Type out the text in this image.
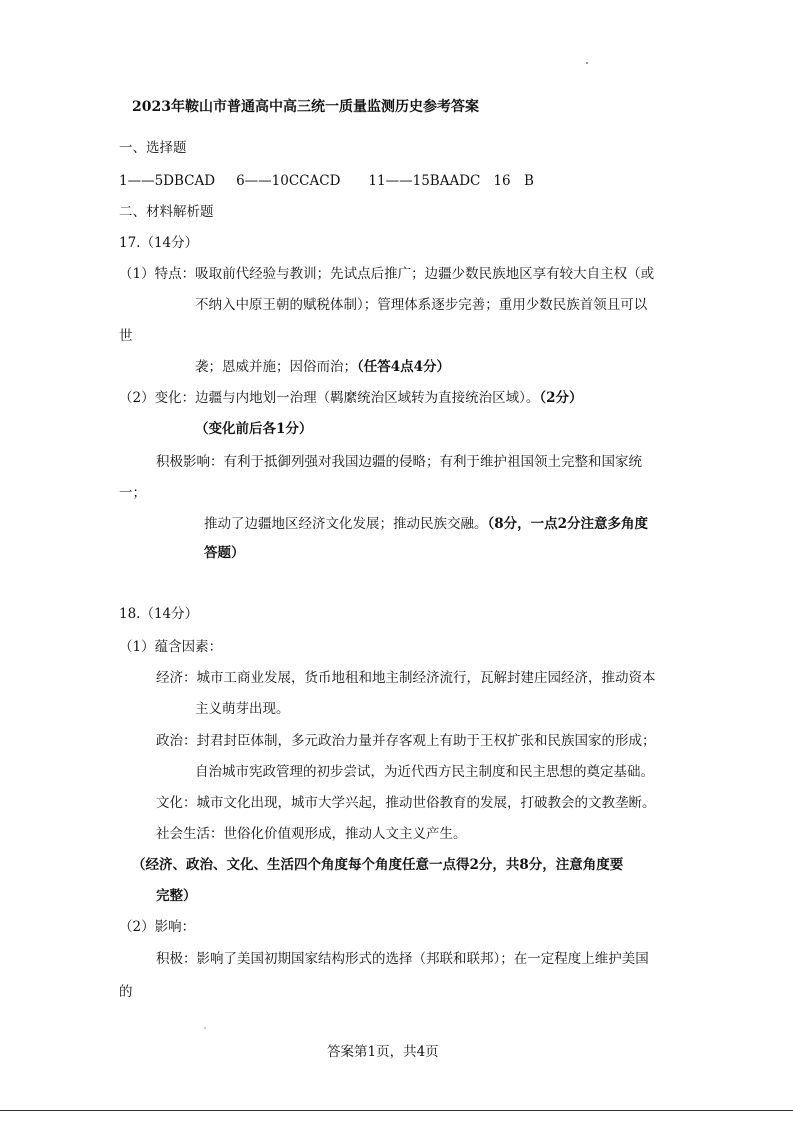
2023年鞍山市普通高中高三统一质量监测历史参考答案
一、选择题
1——5DBCAD 6——10CCACD 11——15BAADC 16　B
二、材料解析题
17.（14分）
（1）特点：吸取前代经验与教训；先试点后推广；边疆少数民族地区享有较大自主权（或
不纳入中原王朝的赋税体制）；管理体系逐步完善；重用少数民族首领且可以
世
袭；恩威并施；因俗而治；（任答4点4分）
（2）变化：边疆与内地划一治理（羁縻统治区域转为直接统治区域）。（2分）
（变化前后各1分）
积极影响：有利于抵御列强对我国边疆的侵略；有利于维护祖国领土完整和国家统
一；
推动了边疆地区经济文化发展；推动民族交融。（8分，一点2分注意多角度
答题）
18.（14分）
（1）蕴含因素：
经济：城市工商业发展，货币地租和地主制经济流行，瓦解封建庄园经济，推动资本
主义萌芽出现。
政治：封君封臣体制，多元政治力量并存客观上有助于王权扩张和民族国家的形成；
自治城市宪政管理的初步尝试，为近代西方民主制度和民主思想的奠定基础。
文化：城市文化出现，城市大学兴起，推动世俗教育的发展，打破教会的文教垄断。
社会生活：世俗化价值观形成，推动人文主义产生。
（经济、政治、文化、生活四个角度每个角度任意一点得2分，共8分，注意角度要
完整）
（2）影响：
积极：影响了美国初期国家结构形式的选择（邦联和联邦）；在一定程度上维护美国
的
答案第1页，共4页
